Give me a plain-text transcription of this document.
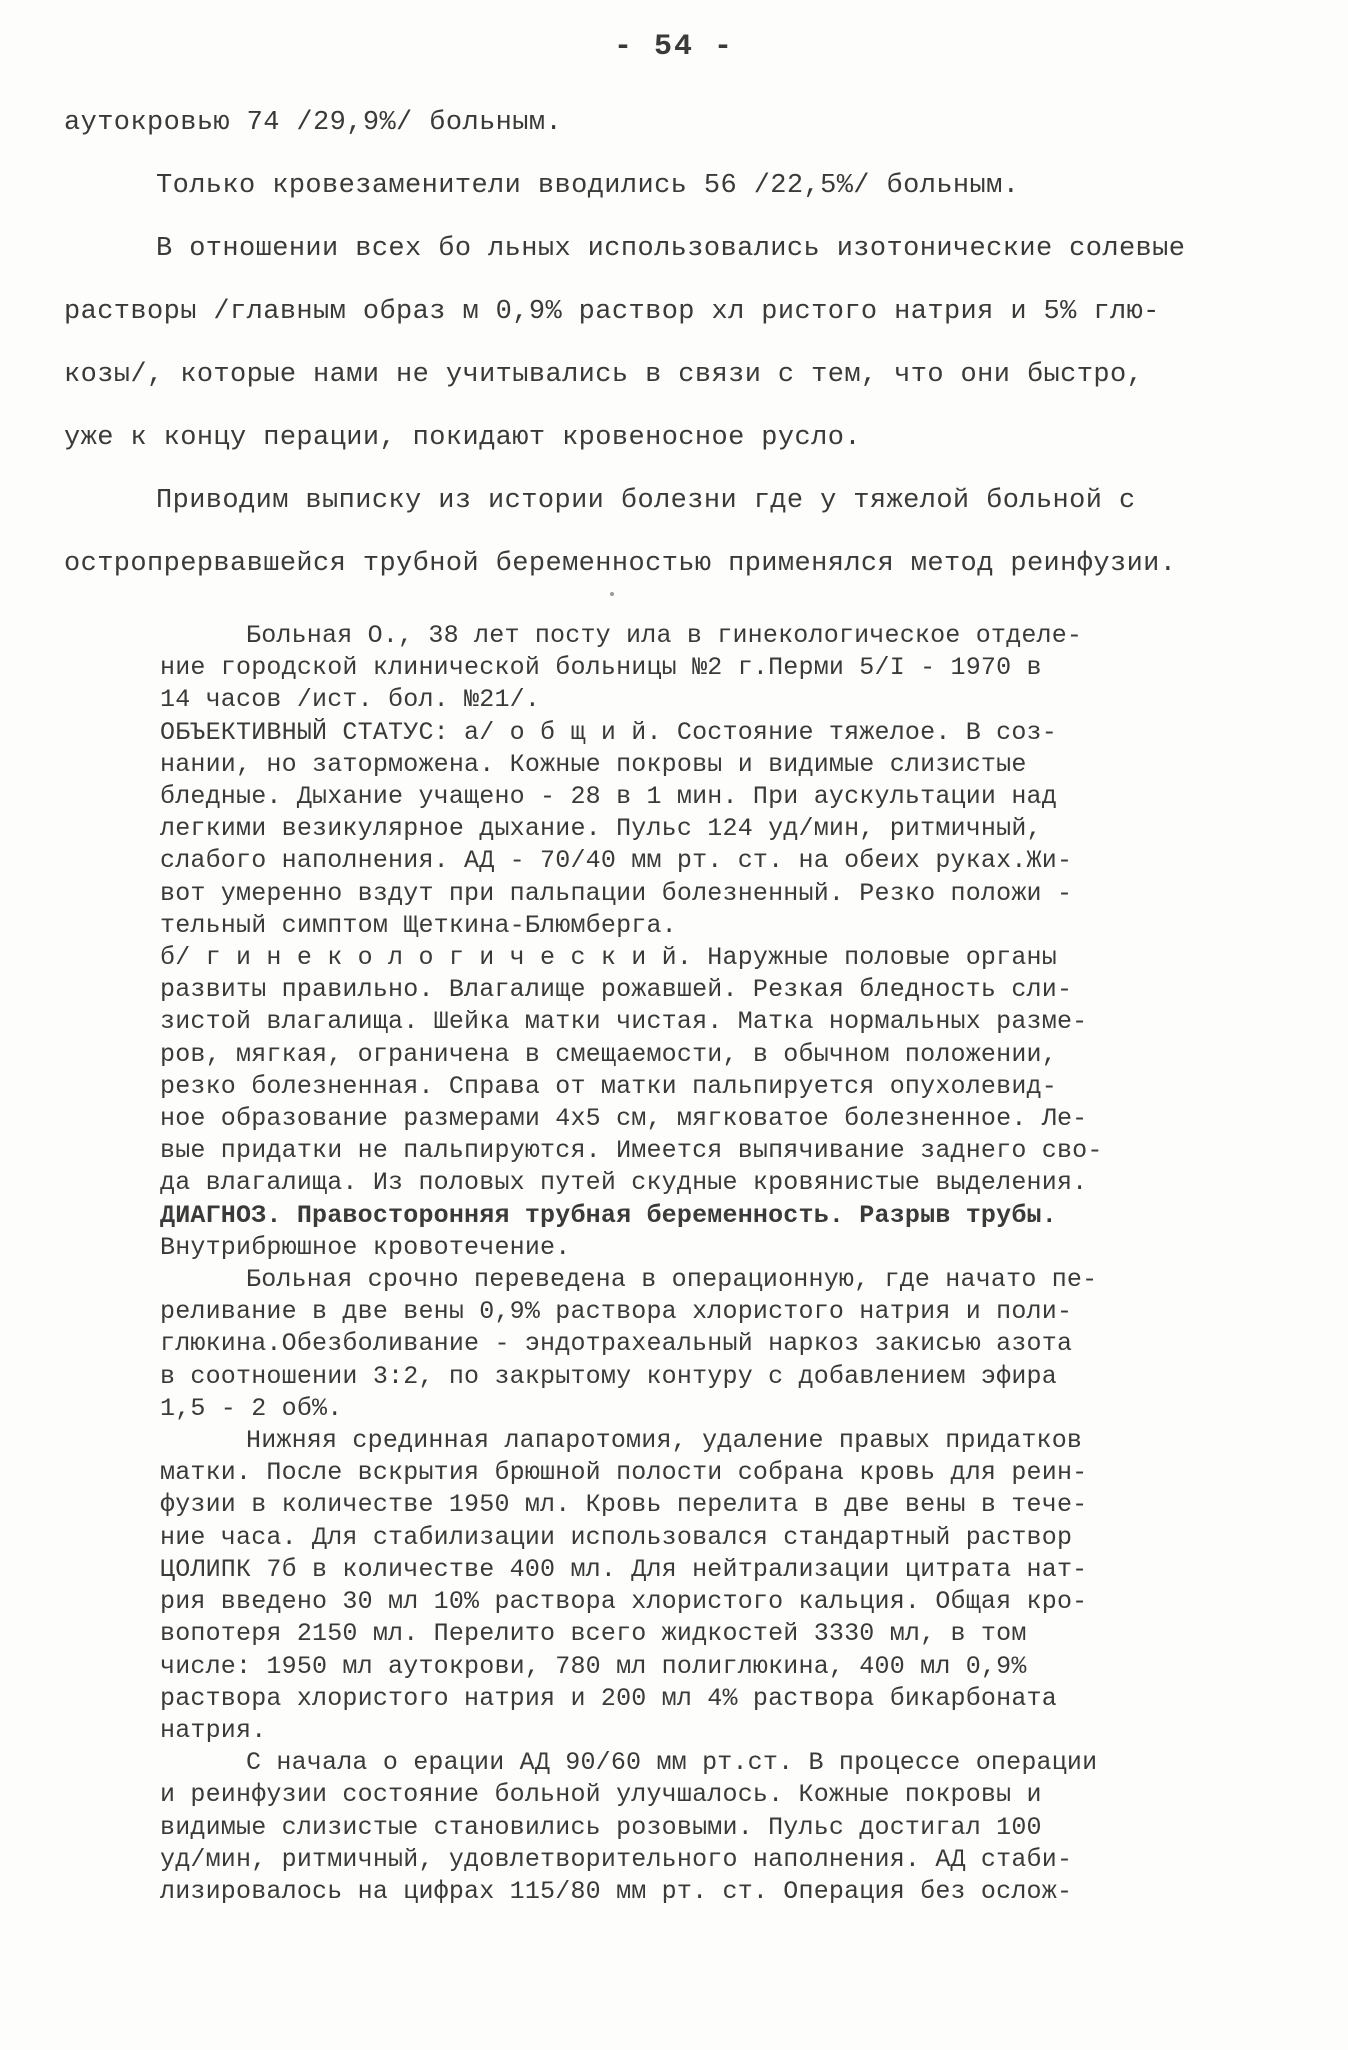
- 54 -

аутокровью 74 /29,9%/ больным.

Только кровезаменители вводились 56 /22,5%/ больным.

В отношении всех бо льных использовались изотонические солевые

растворы /главным образ м 0,9% раствор хл ристого натрия и 5% глю-

козы/, которые нами не учитывались в связи с тем, что они быстро,

уже к концу перации, покидают кровеносное русло.

Приводим выписку из истории болезни где у тяжелой больной с

остропрервавшейся трубной беременностью применялся метод реинфузии.

Больная О., 38 лет посту ила в гинекологическое отделе-

ние городской клинической больницы №2 г.Перми 5/I - 1970 в

14 часов /ист. бол. №21/.

ОБЪЕКТИВНЫЙ СТАТУС: а/ о б щ и й. Состояние тяжелое. В соз-

нании, но заторможена. Кожные покровы и видимые слизистые

бледные. Дыхание учащено - 28 в 1 мин. При аускультации над

легкими везикулярное дыхание. Пульс 124 уд/мин, ритмичный,

слабого наполнения. АД - 70/40 мм рт. ст. на обеих руках.Жи-

вот умеренно вздут при пальпации болезненный. Резко положи -

тельный симптом Щеткина-Блюмберга.

б/ г и н е к о л о г и ч е с к и й. Наружные половые органы

развиты правильно. Влагалище рожавшей. Резкая бледность сли-

зистой влагалища. Шейка матки чистая. Матка нормальных разме-

ров, мягкая, ограничена в смещаемости, в обычном положении,

резко болезненная. Справа от матки пальпируется опухолевид-

ное образование размерами 4х5 см, мягковатое болезненное. Ле-

вые придатки не пальпируются. Имеется выпячивание заднего сво-

да влагалища. Из половых путей скудные кровянистые выделения.

ДИАГНОЗ. Правосторонняя трубная беременность. Разрыв трубы.

Внутрибрюшное кровотечение.

Больная срочно переведена в операционную, где начато пе-

реливание в две вены 0,9% раствора хлористого натрия и поли-

глюкина.Обезболивание - эндотрахеальный наркоз закисью азота

в соотношении 3:2, по закрытому контуру с добавлением эфира

1,5 - 2 об%.

Нижняя срединная лапаротомия, удаление правых придатков

матки. После вскрытия брюшной полости собрана кровь для реин-

фузии в количестве 1950 мл. Кровь перелита в две вены в тече-

ние часа. Для стабилизации использовался стандартный раствор

ЦОЛИПК 7б в количестве 400 мл. Для нейтрализации цитрата нат-

рия введено 30 мл 10% раствора хлористого кальция. Общая кро-

вопотеря 2150 мл. Перелито всего жидкостей 3330 мл, в том

числе: 1950 мл аутокрови, 780 мл полиглюкина, 400 мл 0,9%

раствора хлористого натрия и 200 мл 4% раствора бикарбоната

натрия.

С начала о ерации АД 90/60 мм рт.ст. В процессе операции

и реинфузии состояние больной улучшалось. Кожные покровы и

видимые слизистые становились розовыми. Пульс достигал 100

уд/мин, ритмичный, удовлетворительного наполнения. АД стаби-

лизировалось на цифрах 115/80 мм рт. ст. Операция без ослож-
